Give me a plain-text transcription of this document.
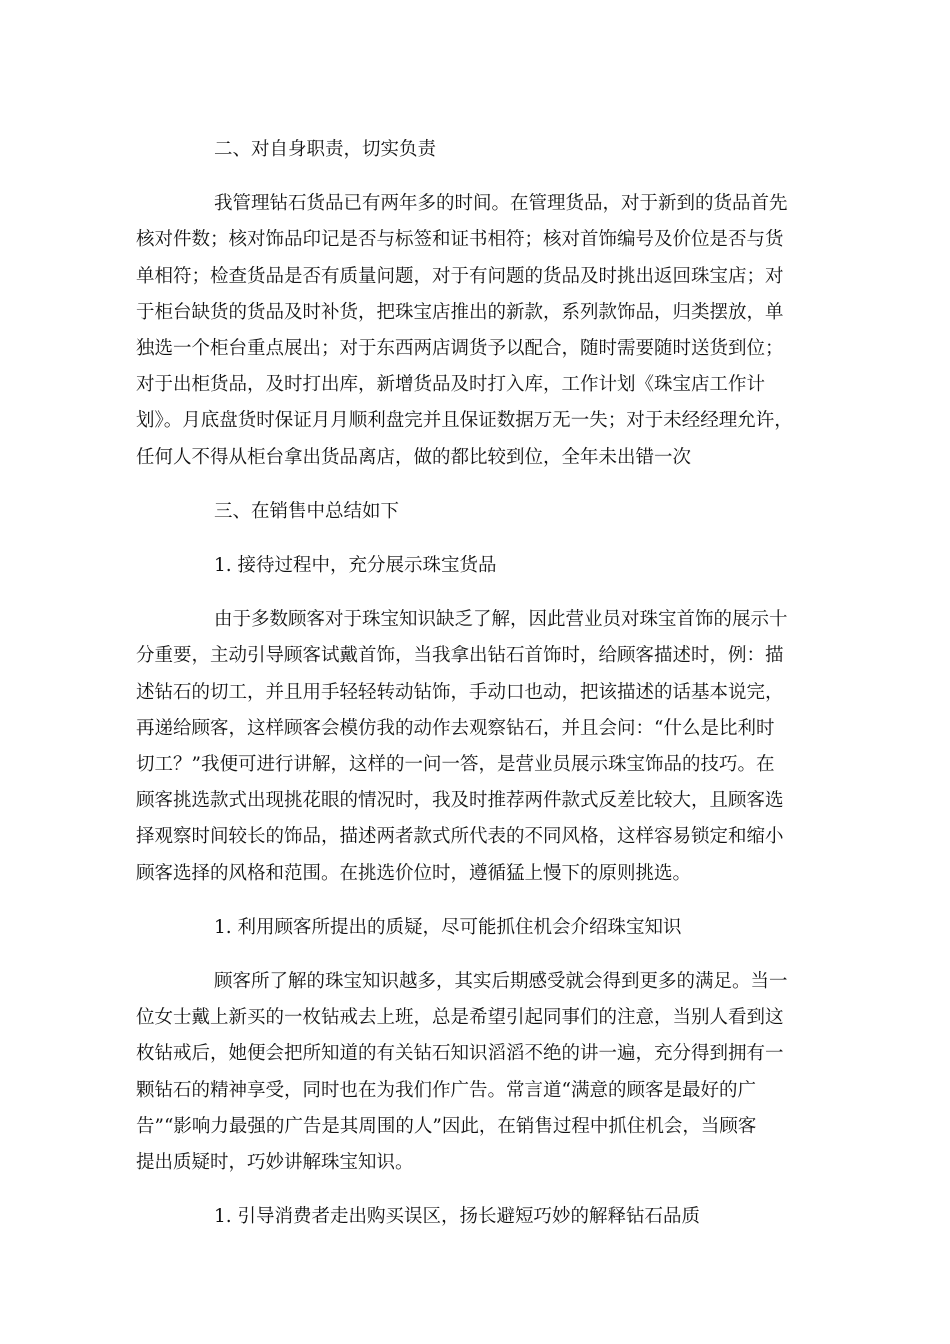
二、对自身职责，切实负责
我管理钻石货品已有两年多的时间。在管理货品，对于新到的货品首先
核对件数；核对饰品印记是否与标签和证书相符；核对首饰编号及价位是否与货
单相符；检查货品是否有质量问题，对于有问题的货品及时挑出返回珠宝店；对
于柜台缺货的货品及时补货，把珠宝店推出的新款，系列款饰品，归类摆放，单
独选一个柜台重点展出；对于东西两店调货予以配合，随时需要随时送货到位；
对于出柜货品，及时打出库，新增货品及时打入库，工作计划《珠宝店工作计
划》。月底盘货时保证月月顺利盘完并且保证数据万无一失；对于未经经理允许，
任何人不得从柜台拿出货品离店，做的都比较到位，全年未出错一次
三、在销售中总结如下
1. 接待过程中，充分展示珠宝货品
由于多数顾客对于珠宝知识缺乏了解，因此营业员对珠宝首饰的展示十
分重要，主动引导顾客试戴首饰，当我拿出钻石首饰时，给顾客描述时，例：描
述钻石的切工，并且用手轻轻转动钻饰，手动口也动，把该描述的话基本说完，
再递给顾客，这样顾客会模仿我的动作去观察钻石，并且会问：“什么是比利时
切工？”我便可进行讲解，这样的一问一答，是营业员展示珠宝饰品的技巧。在
顾客挑选款式出现挑花眼的情况时，我及时推荐两件款式反差比较大，且顾客选
择观察时间较长的饰品，描述两者款式所代表的不同风格，这样容易锁定和缩小
顾客选择的风格和范围。在挑选价位时，遵循猛上慢下的原则挑选。
1. 利用顾客所提出的质疑，尽可能抓住机会介绍珠宝知识
顾客所了解的珠宝知识越多，其实后期感受就会得到更多的满足。当一
位女士戴上新买的一枚钻戒去上班，总是希望引起同事们的注意，当别人看到这
枚钻戒后，她便会把所知道的有关钻石知识滔滔不绝的讲一遍，充分得到拥有一
颗钻石的精神享受，同时也在为我们作广告。常言道“满意的顾客是最好的广
告”“影响力最强的广告是其周围的人”因此，在销售过程中抓住机会，当顾客
提出质疑时，巧妙讲解珠宝知识。
1. 引导消费者走出购买误区，扬长避短巧妙的解释钻石品质
